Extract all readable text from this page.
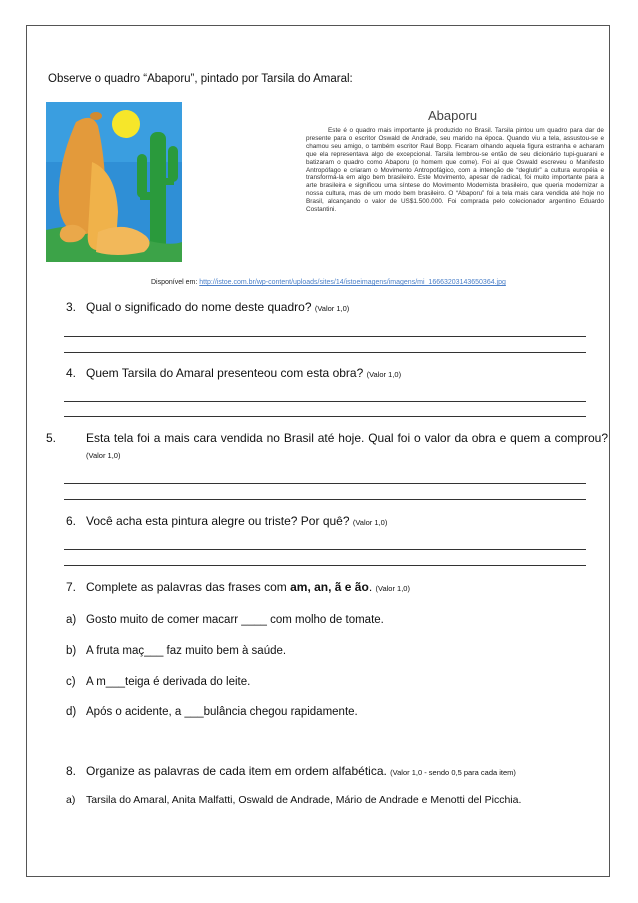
Observe o quadro “Abaporu”, pintado por Tarsila do Amaral:
Abaporu
Este é o quadro mais importante já produzido no Brasil. Tarsila pintou um quadro para dar de presente para o escritor Oswald de Andrade, seu marido na época. Quando viu a tela, assustou-se e chamou seu amigo, o também escritor Raul Bopp. Ficaram olhando aquela figura estranha e acharam que ela representava algo de excepcional. Tarsila lembrou-se então de seu dicionário tupi-guarani e batizaram o quadro como Abaporu (o homem que come). Foi aí que Oswald escreveu o Manifesto Antropófago e criaram o Movimento Antropofágico, com a intenção de “deglutir” a cultura européia e transformá-la em algo bem brasileiro. Este Movimento, apesar de radical, foi muito importante para a arte brasileira e significou uma síntese do Movimento Modernista brasileiro, que queria modernizar a nossa cultura, mas de um modo bem brasileiro. O “Abaporu” foi a tela mais cara vendida até hoje no Brasil, alcançando o valor de US$1.500.000. Foi comprada pelo colecionador argentino Eduardo Costantini.
Disponível em: http://istoe.com.br/wp-content/uploads/sites/14/istoeimagens/imagens/mi_16663203143650364.jpg
3. Qual o significado do nome deste quadro? (Valor 1,0)
4. Quem Tarsila do Amaral presenteou com esta obra? (Valor 1,0)
5. Esta tela foi a mais cara vendida no Brasil até hoje. Qual foi o valor da obra e quem a comprou? (Valor 1,0)
6. Você acha esta pintura alegre ou triste? Por quê? (Valor 1,0)
7. Complete as palavras das frases com am, an, ã e ão. (Valor 1,0)
a) Gosto muito de comer macarr ____ com molho de tomate.
b) A fruta maç___ faz muito bem à saúde.
c) A m___teiga é derivada do leite.
d) Após o acidente, a ___bulância chegou rapidamente.
8. Organize as palavras de cada item em ordem alfabética. (Valor 1,0 - sendo 0,5 para cada item)
a) Tarsila do Amaral, Anita Malfatti, Oswald de Andrade, Mário de Andrade e Menotti del Picchia.
